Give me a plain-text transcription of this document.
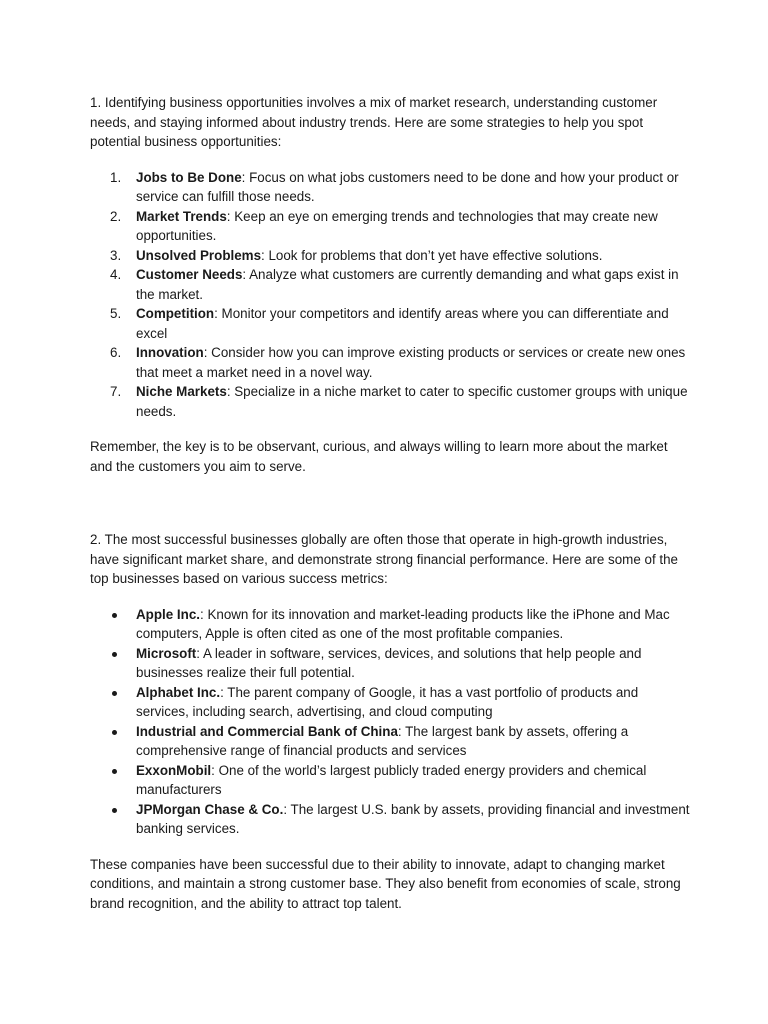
1. Identifying business opportunities involves a mix of market research, understanding customer needs, and staying informed about industry trends. Here are some strategies to help you spot potential business opportunities:

1.	Jobs to Be Done: Focus on what jobs customers need to be done and how your product or service can fulfill those needs.
2.	Market Trends: Keep an eye on emerging trends and technologies that may create new opportunities.
3.	Unsolved Problems: Look for problems that don’t yet have effective solutions.
4.	Customer Needs: Analyze what customers are currently demanding and what gaps exist in the market.
5.	Competition: Monitor your competitors and identify areas where you can differentiate and excel
6.	Innovation: Consider how you can improve existing products or services or create new ones that meet a market need in a novel way.
7.	Niche Markets: Specialize in a niche market to cater to specific customer groups with unique needs.

Remember, the key is to be observant, curious, and always willing to learn more about the market and the customers you aim to serve.

2. The most successful businesses globally are often those that operate in high-growth industries, have significant market share, and demonstrate strong financial performance. Here are some of the top businesses based on various success metrics:

Apple Inc.: Known for its innovation and market-leading products like the iPhone and Mac computers, Apple is often cited as one of the most profitable companies.
Microsoft: A leader in software, services, devices, and solutions that help people and businesses realize their full potential.
Alphabet Inc.: The parent company of Google, it has a vast portfolio of products and services, including search, advertising, and cloud computing
Industrial and Commercial Bank of China: The largest bank by assets, offering a comprehensive range of financial products and services
ExxonMobil: One of the world’s largest publicly traded energy providers and chemical manufacturers
JPMorgan Chase & Co.: The largest U.S. bank by assets, providing financial and investment banking services.

These companies have been successful due to their ability to innovate, adapt to changing market conditions, and maintain a strong customer base. They also benefit from economies of scale, strong brand recognition, and the ability to attract top talent.
